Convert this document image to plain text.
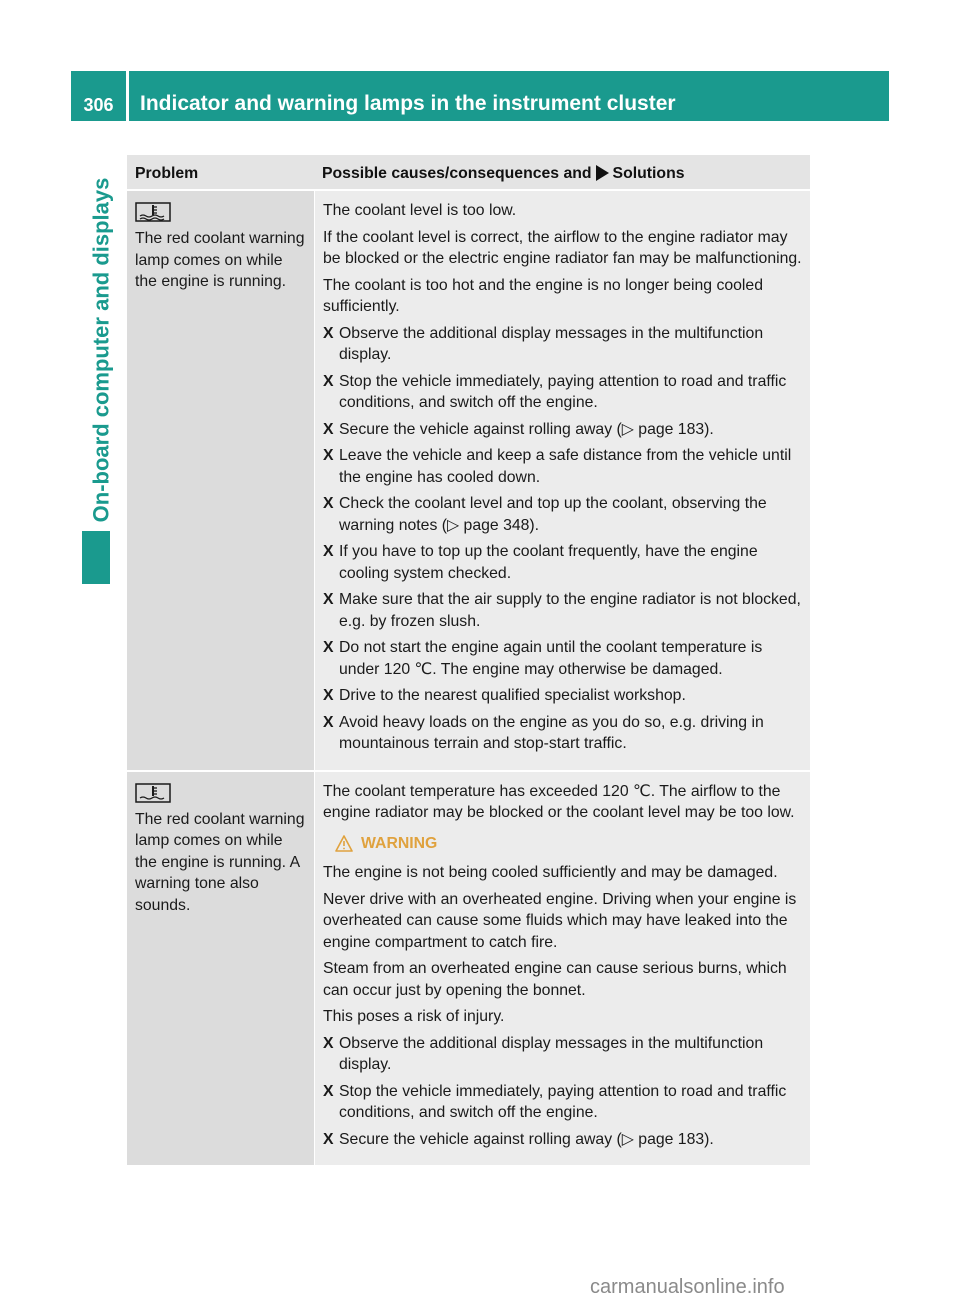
306	Indicator and warning lamps in the instrument cluster
On-board computer and displays
Problem	Possible causes/consequences and Solutions
The red coolant warning lamp comes on while the engine is running.

The coolant level is too low.

If the coolant level is correct, the airflow to the engine radiator may be blocked or the electric engine radiator fan may be malfunctioning.

The coolant is too hot and the engine is no longer being cooled sufficiently.

X Observe the additional display messages in the multifunction display.
X Stop the vehicle immediately, paying attention to road and traffic conditions, and switch off the engine.
X Secure the vehicle against rolling away (▷ page 183).
X Leave the vehicle and keep a safe distance from the vehicle until the engine has cooled down.
X Check the coolant level and top up the coolant, observing the warning notes (▷ page 348).
X If you have to top up the coolant frequently, have the engine cooling system checked.
X Make sure that the air supply to the engine radiator is not blocked, e.g. by frozen slush.
X Do not start the engine again until the coolant temperature is under 120 ℃. The engine may otherwise be damaged.
X Drive to the nearest qualified specialist workshop.
X Avoid heavy loads on the engine as you do so, e.g. driving in mountainous terrain and stop-start traffic.
The red coolant warning lamp comes on while the engine is running. A warning tone also sounds.

The coolant temperature has exceeded 120 ℃. The airflow to the engine radiator may be blocked or the coolant level may be too low.

WARNING

The engine is not being cooled sufficiently and may be damaged.

Never drive with an overheated engine. Driving when your engine is overheated can cause some fluids which may have leaked into the engine compartment to catch fire.

Steam from an overheated engine can cause serious burns, which can occur just by opening the bonnet.

This poses a risk of injury.

X Observe the additional display messages in the multifunction display.
X Stop the vehicle immediately, paying attention to road and traffic conditions, and switch off the engine.
X Secure the vehicle against rolling away (▷ page 183).
carmanualsonline.info
